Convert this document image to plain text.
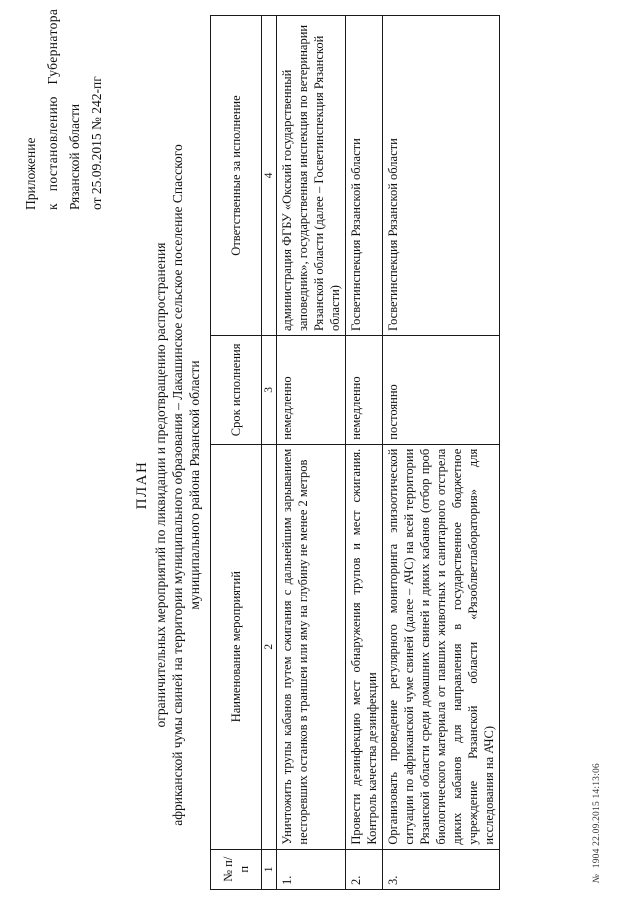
Приложение к постановлению Губернатора Рязанской области от 25.09.2015 № 242-пг
ПЛАН ограничительных мероприятий по ликвидации и предотвращению распространения африканской чумы свиней на территории муниципального образования – Лакашинское сельское поселение Спасского муниципального района Рязанской области
№ п/п	Наименование мероприятий	Срок исполнения	Ответственные за исполнение
1	2	3	4
1.	Уничтожить трупы кабанов путем сжигания с дальнейшим зарыванием несгоревших останков в траншеи или яму на глубину не менее 2 метров	немедленно	администрация ФГБУ «Окский государственный заповедник», государственная инспекция по ветеринарии Рязанской области (далее – Госветинспекция Рязанской области)
2.	Провести дезинфекцию мест обнаружения трупов и мест сжигания. Контроль качества дезинфекции	немедленно	Госветинспекция Рязанской области
3.	Организовать проведение регулярного мониторинга эпизоотической ситуации по африканской чуме свиней (далее – АЧС) на всей территории Рязанской области среди домашних свиней и диких кабанов (отбор проб биологического материала от павших животных и санитарного отстрела диких кабанов для направления в государственное бюджетное учреждение Рязанской области «Рязоблветлаборатория» для исследования на АЧС)	постоянно	Госветинспекция Рязанской области
№ 1904 22.09.2015 14:13:06
